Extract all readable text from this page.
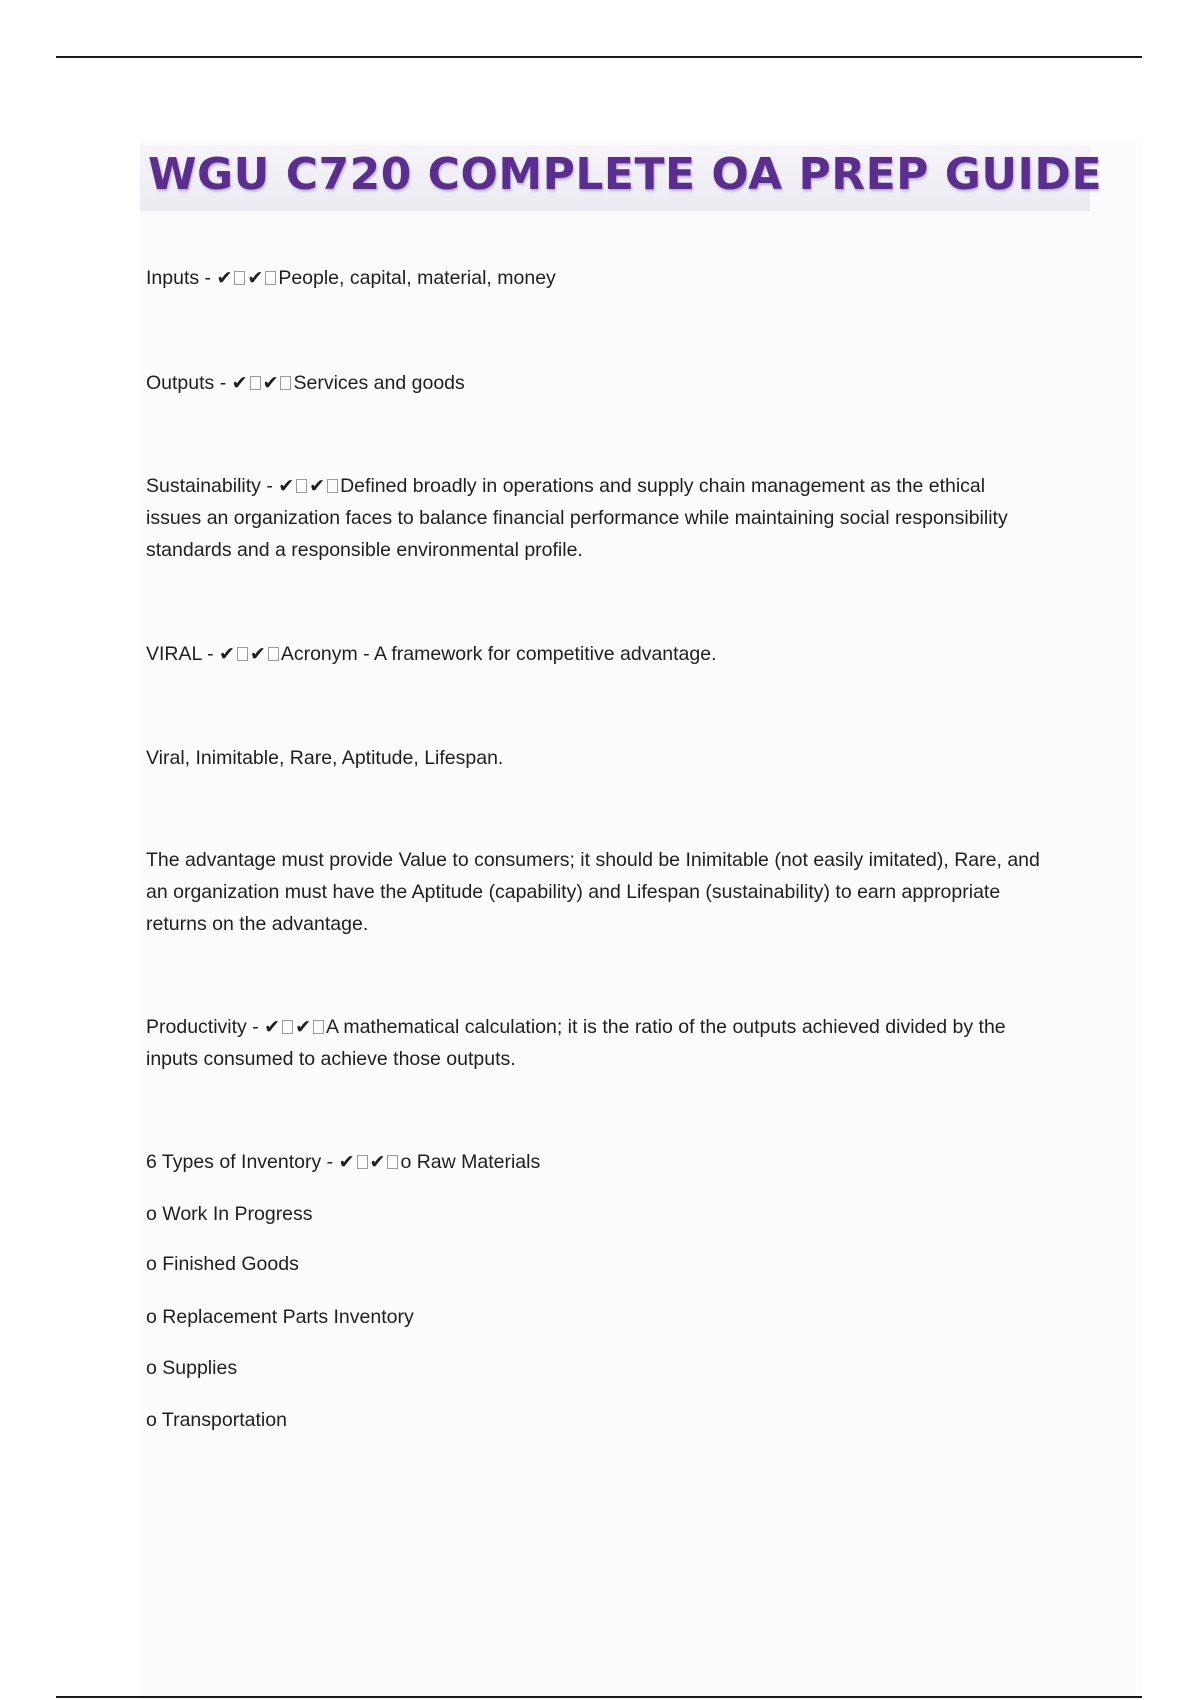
WGU C720 COMPLETE OA PREP GUIDE
Inputs - ✔ ✔ People, capital, material, money
Outputs - ✔ ✔ Services and goods
Sustainability - ✔ ✔ Defined broadly in operations and supply chain management as the ethical
issues an organization faces to balance financial performance while maintaining social responsibility
standards and a responsible environmental profile.
VIRAL - ✔ ✔ Acronym - A framework for competitive advantage.
Viral, Inimitable, Rare, Aptitude, Lifespan.
The advantage must provide Value to consumers; it should be Inimitable (not easily imitated), Rare, and
an organization must have the Aptitude (capability) and Lifespan (sustainability) to earn appropriate
returns on the advantage.
Productivity - ✔ ✔ A mathematical calculation; it is the ratio of the outputs achieved divided by the
inputs consumed to achieve those outputs.
6 Types of Inventory - ✔ ✔ o Raw Materials
o Work In Progress
o Finished Goods
o Replacement Parts Inventory
o Supplies
o Transportation
